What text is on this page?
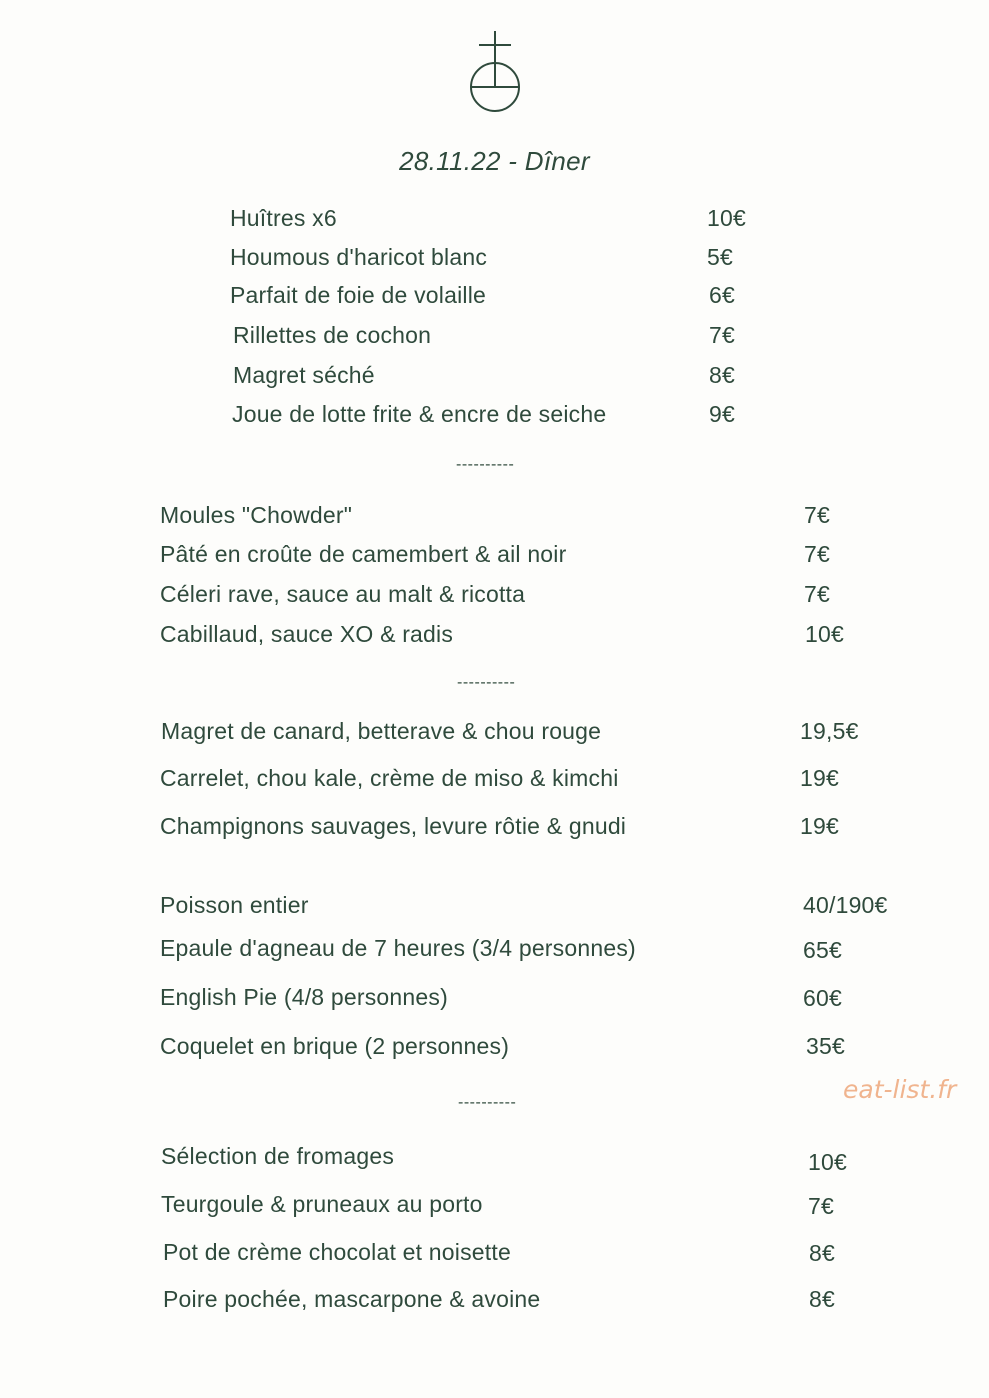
28.11.22 - Dîner
Huîtres x6	10€
Houmous d'haricot blanc	5€
Parfait de foie de volaille	6€
Rillettes de cochon	7€
Magret séché	8€
Joue de lotte frite & encre de seiche	9€
----------
Moules "Chowder"	7€
Pâté en croûte de camembert & ail noir	7€
Céleri rave, sauce au malt & ricotta	7€
Cabillaud, sauce XO & radis	10€
----------
Magret de canard, betterave & chou rouge	19,5€
Carrelet, chou kale, crème de miso & kimchi	19€
Champignons sauvages, levure rôtie & gnudi	19€
Poisson entier	40/190€
Epaule d'agneau de 7 heures (3/4 personnes)	65€
English Pie (4/8 personnes)	60€
Coquelet en brique (2 personnes)	35€
----------
Sélection de fromages	10€
Teurgoule & pruneaux au porto	7€
Pot de crème chocolat et noisette	8€
Poire pochée, mascarpone & avoine	8€
eat-list.fr
